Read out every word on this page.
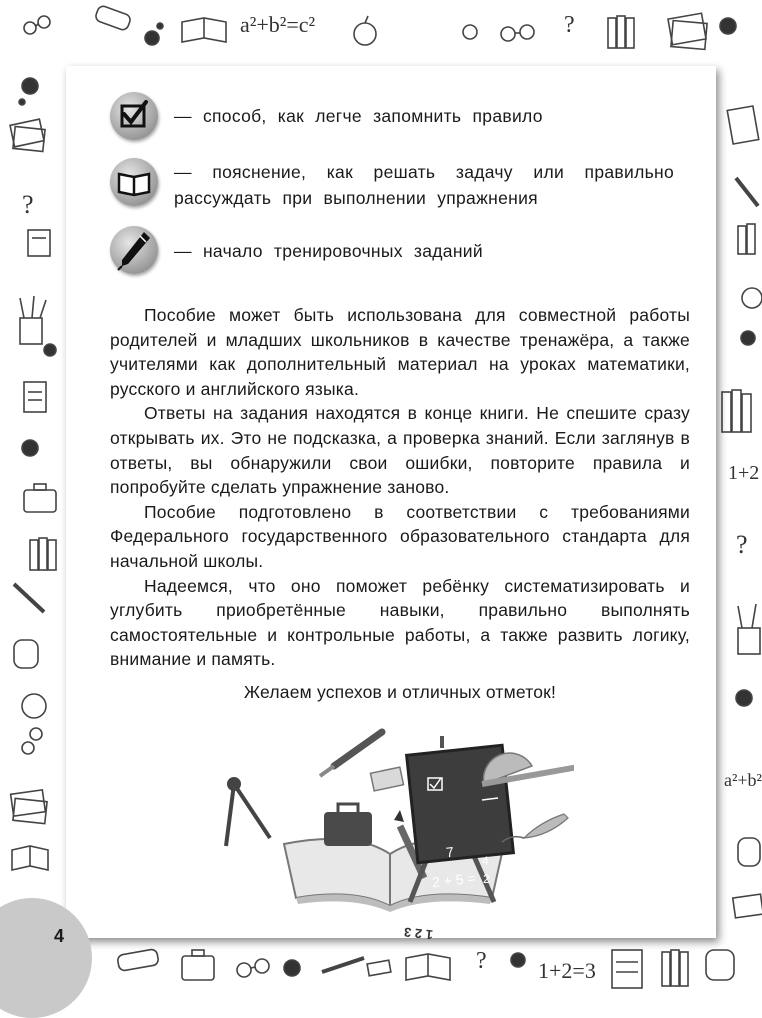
a²+b²=c²
1+2=3
1+2
a²+b²
?
?
?
?
— способ, как легче запомнить правило
— пояснение, как решать задачу или правильно рассуждать при выполнении упражнения
— начало тренировочных заданий

Пособие может быть использована для совместной работы родителей и младших школьников в качестве тренажёра, а также учителями как дополнительный материал на уроках математики, русского и английского языка.

Ответы на задания находятся в конце книги. Не спешите сразу открывать их. Это не подсказка, а проверка знаний. Если заглянув в ответы, вы обнаружили свои ошибки, повторите правила и попробуйте сделать упражнение заново.

Пособие подготовлено в соответствии с требованиями Федерального государственного образовательного стандарта для начальной школы.

Надеемся, что оно поможет ребёнку систематизировать и углубить приобретённые навыки, правильно выполнять самостоятельные и контрольные работы, а также развить логику, внимание и память.

Желаем успехов и отличных отметок!

7
2 + 5 =
4
2
1 2 3
4
